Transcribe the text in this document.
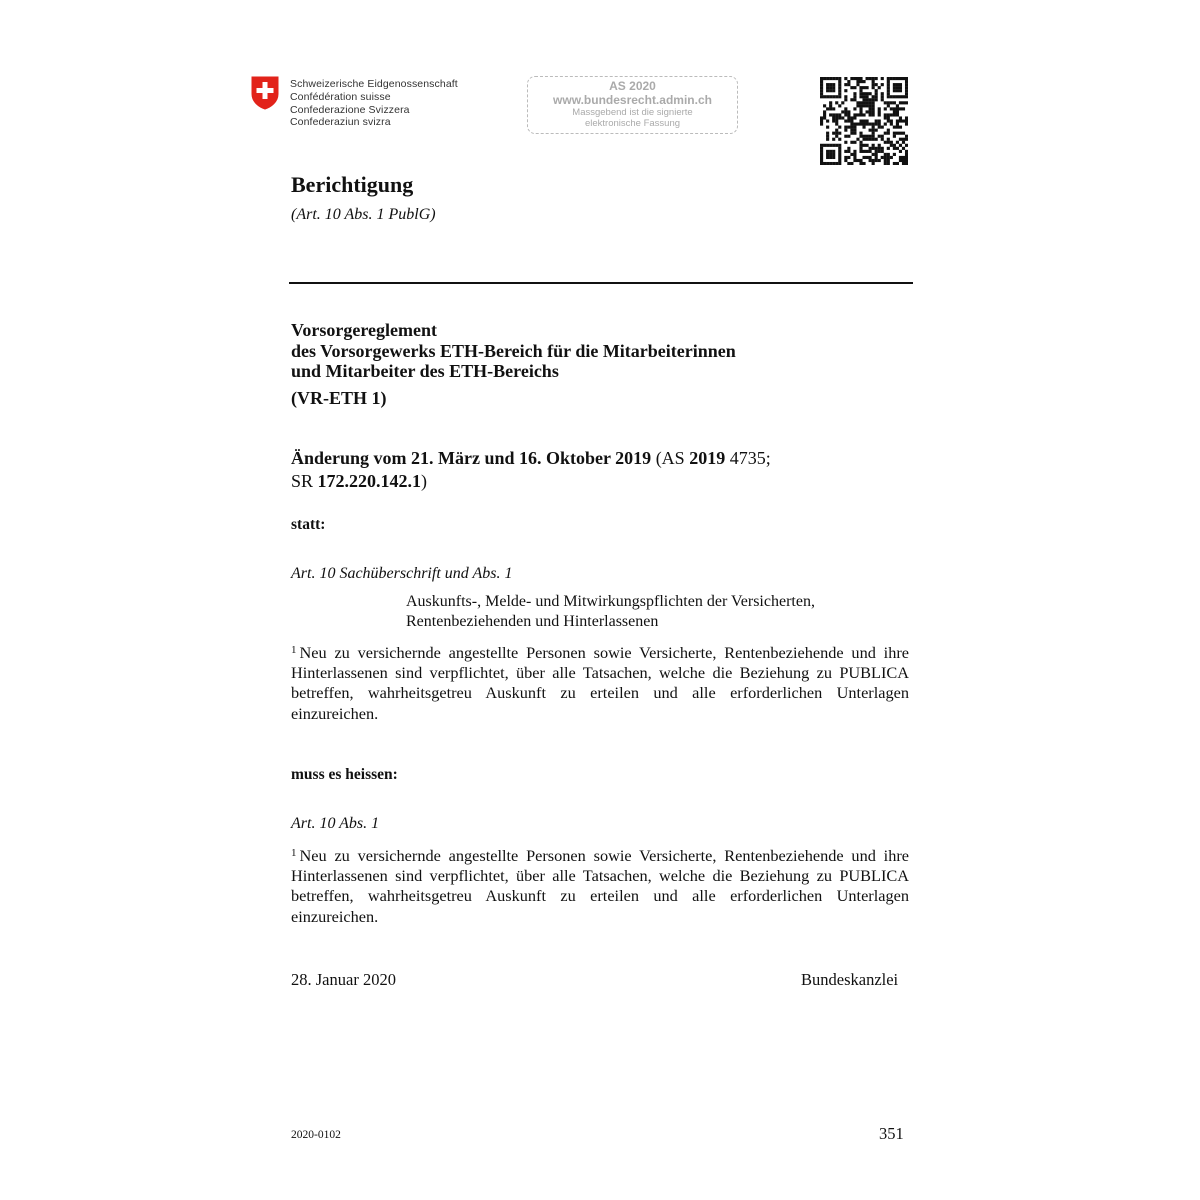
Schweizerische Eidgenossenschaft
Confédération suisse
Confederazione Svizzera
Confederaziun svizra
AS 2020
www.bundesrecht.admin.ch
Massgebend ist die signierte
elektronische Fassung
Berichtigung
(Art. 10 Abs. 1 PublG)
Vorsorgereglement
des Vorsorgewerks ETH-Bereich für die Mitarbeiterinnen
und Mitarbeiter des ETH-Bereichs
(VR-ETH 1)
Änderung vom 21. März und 16. Oktober 2019 (AS 2019 4735;
SR 172.220.142.1)
statt:
Art. 10 Sachüberschrift und Abs. 1
Auskunfts-, Melde- und Mitwirkungspflichten der Versicherten,
Rentenbeziehenden und Hinterlassenen
$^1$ Neu zu versichernde angestellte Personen sowie Versicherte, Rentenbeziehende und ihre Hinterlassenen sind verpflichtet, über alle Tatsachen, welche die Beziehung zu PUBLICA betreffen, wahrheitsgetreu Auskunft zu erteilen und alle erforderlichen Unterlagen einzureichen.
muss es heissen:
Art. 10 Abs. 1
$^1$ Neu zu versichernde angestellte Personen sowie Versicherte, Rentenbeziehende und ihre Hinterlassenen sind verpflichtet, über alle Tatsachen, welche die Beziehung zu PUBLICA betreffen, wahrheitsgetreu Auskunft zu erteilen und alle erforderlichen Unterlagen einzureichen.
28. Januar 2020	Bundeskanzlei
2020-0102	351
